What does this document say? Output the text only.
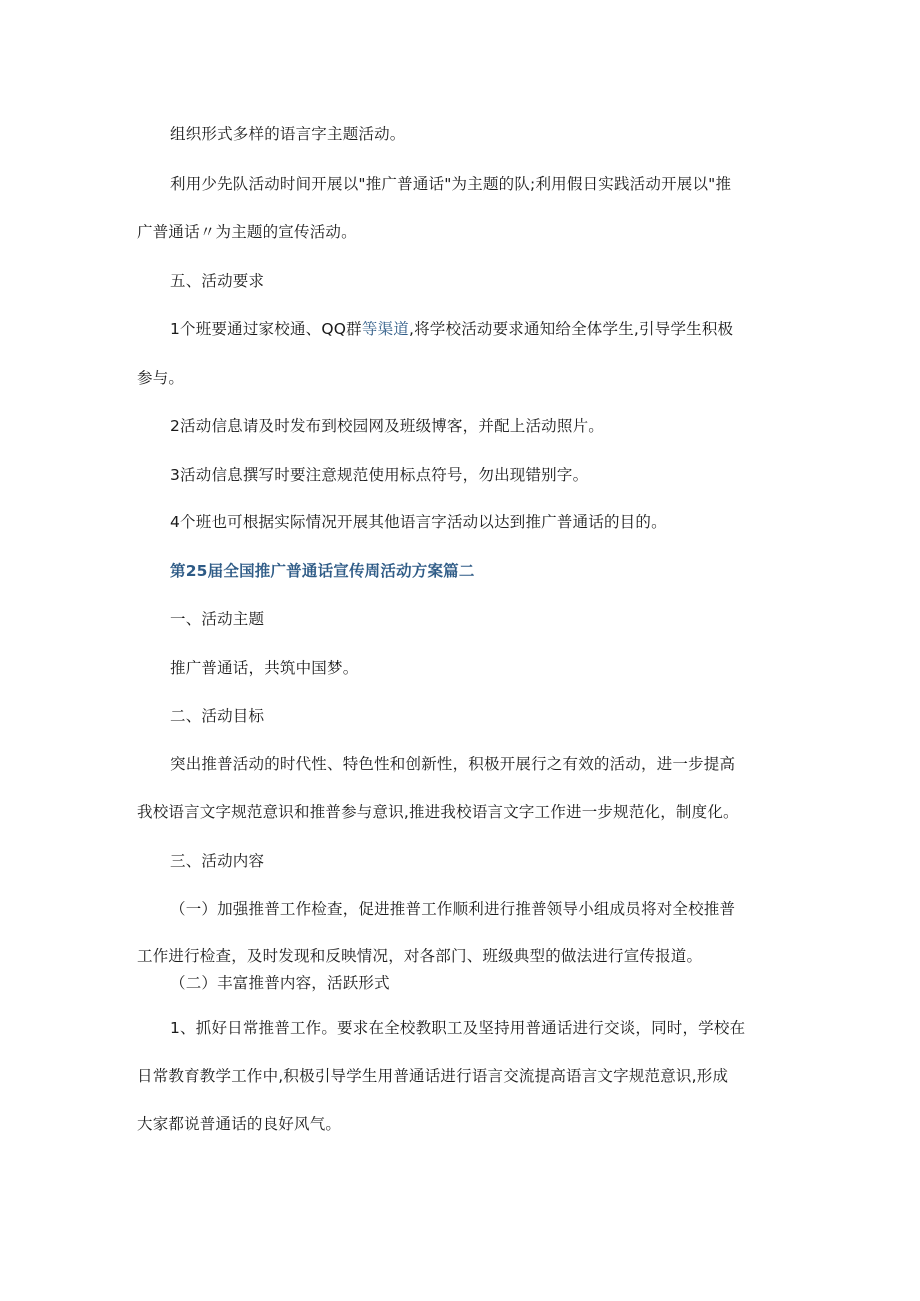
组织形式多样的语言字主题活动。
利用少先队活动时间开展以"推广普通话"为主题的队;利用假日实践活动开展以"推
广普通话〃为主题的宣传活动。
五、活动要求
1个班要通过家校通、QQ群等渠道,将学校活动要求通知给全体学生,引导学生积极
参与。
2活动信息请及时发布到校园网及班级博客，并配上活动照片。
3活动信息撰写时要注意规范使用标点符号，勿出现错别字。
4个班也可根据实际情况开展其他语言字活动以达到推广普通话的目的。
第25届全国推广普通话宣传周活动方案篇二
一、活动主题
推广普通话，共筑中国梦。
二、活动目标
突出推普活动的时代性、特色性和创新性，积极开展行之有效的活动，进一步提高
我校语言文字规范意识和推普参与意识,推进我校语言文字工作进一步规范化，制度化。
三、活动内容
（一）加强推普工作检查，促进推普工作顺利进行推普领导小组成员将对全校推普
工作进行检查，及时发现和反映情况，对各部门、班级典型的做法进行宣传报道。
（二）丰富推普内容，活跃形式
1、抓好日常推普工作。要求在全校教职工及坚持用普通话进行交谈，同时，学校在
日常教育教学工作中,积极引导学生用普通话进行语言交流提高语言文字规范意识,形成
大家都说普通话的良好风气。
